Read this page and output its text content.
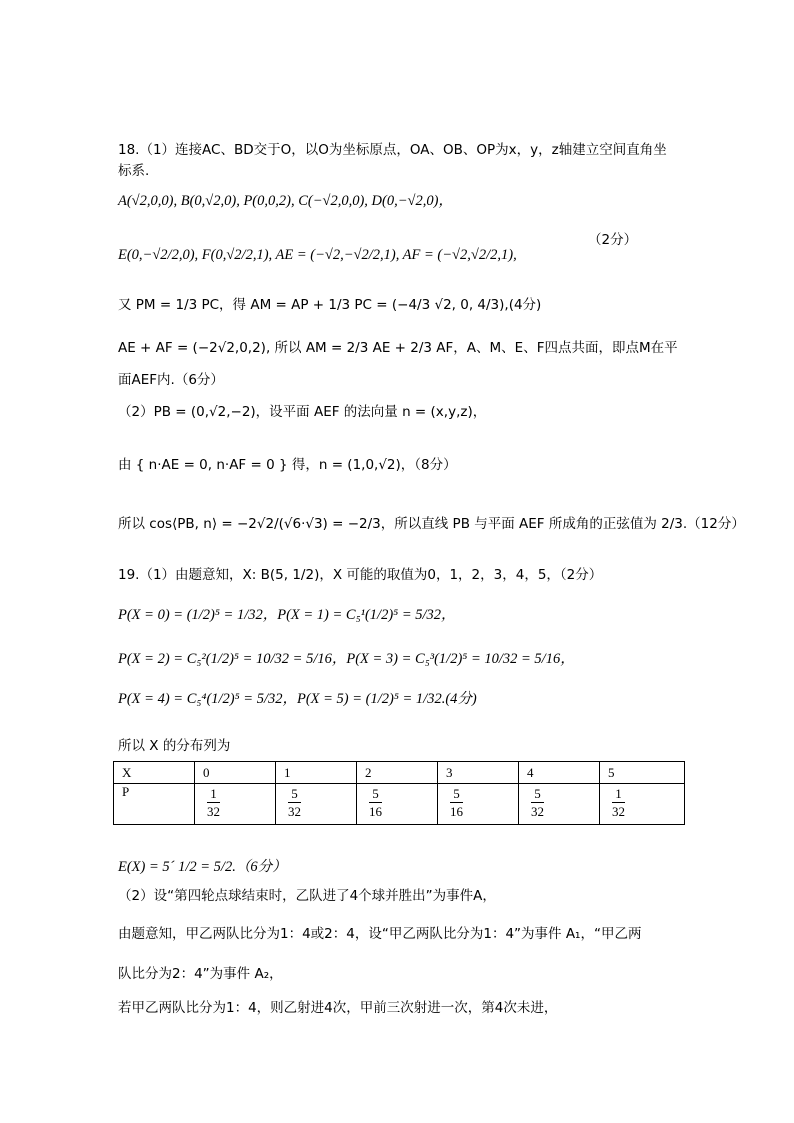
18.（1）连接AC、BD交于O，以O为坐标原点，OA、OB、OP为x，y，z轴建立空间直角坐
标系.
A(√2,0,0), B(0,√2,0), P(0,0,2), C(−√2,0,0), D(0,−√2,0)，
E(0,−√2/2,0), F(0,√2/2,1), AE = (−√2,−√2/2,1), AF = (−√2,√2/2,1),
（2分）
又 PM = 1/3 PC，得 AM = AP + 1/3 PC = (−4/3 √2, 0, 4/3),(4分)
AE + AF = (−2√2,0,2), 所以 AM = 2/3 AE + 2/3 AF，A、M、E、F四点共面，即点M在平
面AEF内.（6分）
（2）PB = (0,√2,−2)，设平面 AEF 的法向量 n = (x,y,z)，
由 { n·AE = 0, n·AF = 0 } 得，n = (1,0,√2)，（8分）
所以 cos⟨PB, n⟩ = −2√2/(√6·√3) = −2/3，所以直线 PB 与平面 AEF 所成角的正弦值为 2/3.（12分）
19.（1）由题意知，X: B(5, 1/2)，X 可能的取值为0，1，2，3，4，5，（2分）
P(X = 0) = (1/2)⁵ = 1/32，P(X = 1) = C₅¹(1/2)⁵ = 5/32，
P(X = 2) = C₅²(1/2)⁵ = 10/32 = 5/16，P(X = 3) = C₅³(1/2)⁵ = 10/32 = 5/16，
P(X = 4) = C₅⁴(1/2)⁵ = 5/32，P(X = 5) = (1/2)⁵ = 1/32.(4分)
所以 X 的分布列为
X	0	1	2	3	4	5
P	$\frac{1}{32}$	$\frac{5}{32}$	$\frac{5}{16}$	$\frac{5}{16}$	$\frac{5}{32}$	$\frac{1}{32}$
E(X) = 5´ 1/2 = 5/2.（6分）
（2）设“第四轮点球结束时，乙队进了4个球并胜出”为事件A，
由题意知，甲乙两队比分为1：4或2：4，设“甲乙两队比分为1：4”为事件 A₁，“甲乙两
队比分为2：4”为事件 A₂，
若甲乙两队比分为1：4，则乙射进4次，甲前三次射进一次，第4次未进，
